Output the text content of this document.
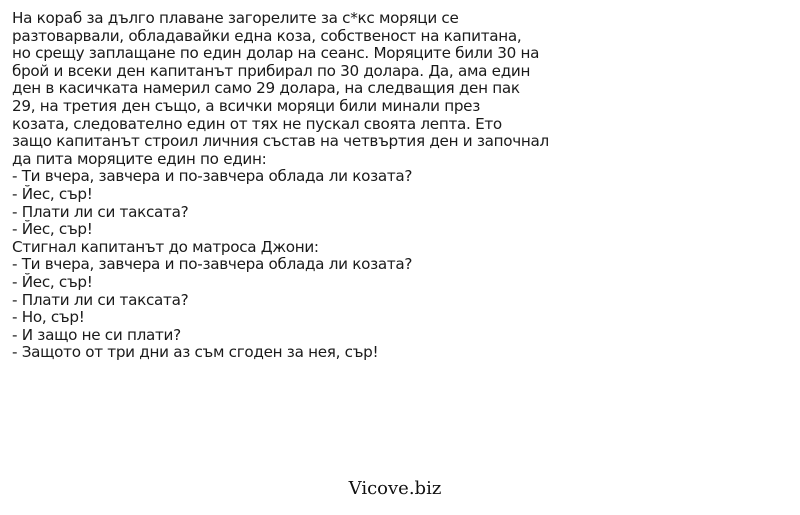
На кораб за дълго плаване загорелите за с*кс моряци се
разтоварвали, обладавайки една коза, собственост на капитана,
но срещу заплащане по един долар на сеанс. Моряците били 30 на
брой и всеки ден капитанът прибирал по 30 долара. Да, ама един
ден в касичката намерил само 29 долара, на следващия ден пак
29, на третия ден също, а всички моряци били минали през
козата, следователно един от тях не пускал своята лепта. Ето
защо капитанът строил личния състав на четвъртия ден и започнал
да пита моряците един по един:
- Ти вчера, завчера и по-завчера облада ли козата?
- Йес, сър!
- Плати ли си таксата?
- Йес, сър!
Стигнал капитанът до матроса Джони:
- Ти вчера, завчера и по-завчера облада ли козата?
- Йес, сър!
- Плати ли си таксата?
- Но, сър!
- И защо не си плати?
- Защото от три дни аз съм сгоден за нея, сър!
Vicove.biz
